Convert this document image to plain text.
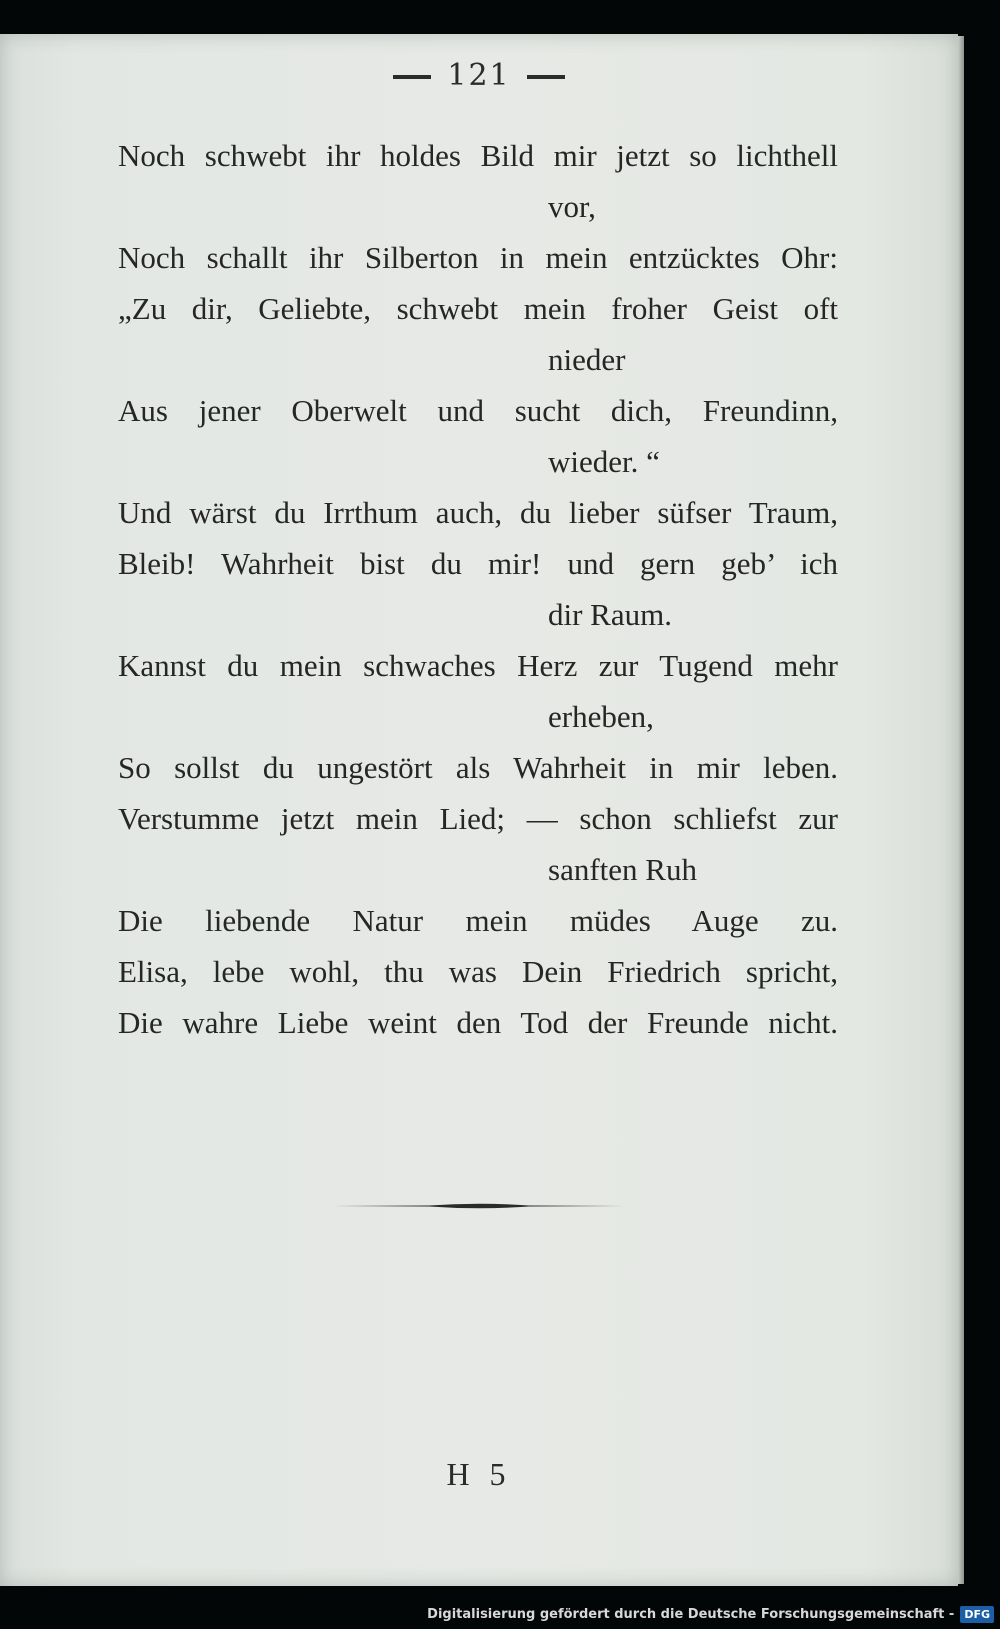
121
Noch schwebt ihr holdes Bild mir jetzt so lichthell
vor,
Noch schallt ihr Silberton in mein entzücktes Ohr:
„Zu dir, Geliebte, schwebt mein froher Geist oft
nieder
Aus jener Oberwelt und sucht dich, Freundinn,
wieder. “
Und wärst du Irrthum auch, du lieber süfser Traum,
Bleib! Wahrheit bist du mir! und gern geb’ ich
dir Raum.
Kannst du mein schwaches Herz zur Tugend mehr
erheben,
So sollst du ungestört als Wahrheit in mir leben.
Verstumme jetzt mein Lied; — schon schliefst zur
sanften Ruh
Die liebende Natur mein müdes Auge zu.
Elisa, lebe wohl, thu was Dein Friedrich spricht,
Die wahre Liebe weint den Tod der Freunde nicht.
H 5
Digitalisierung gefördert durch die Deutsche Forschungsgemeinschaft - DFG
